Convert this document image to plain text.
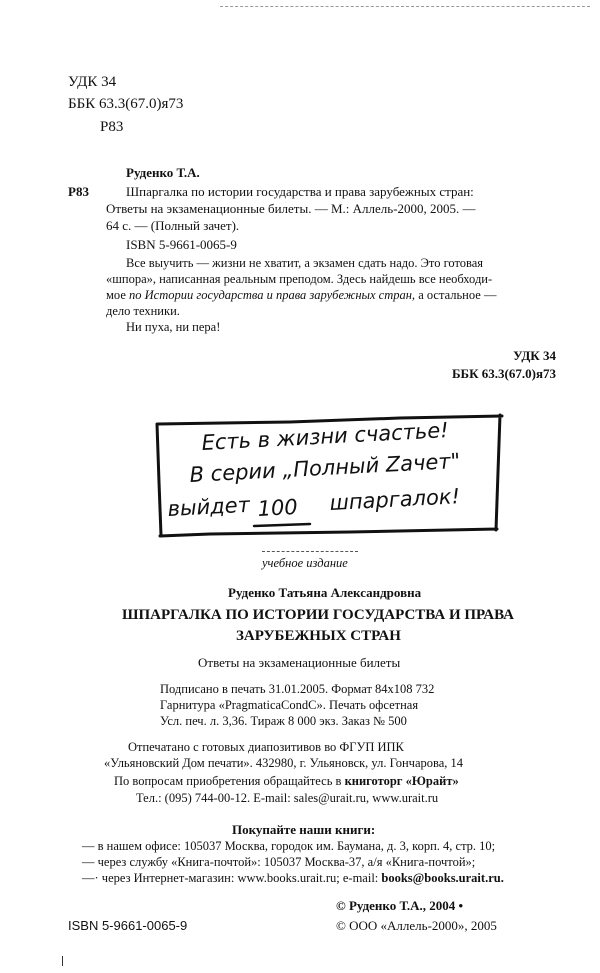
УДК 34
ББК 63.3(67.0)я73
Р83
Руденко Т.А.
Р83	Шпаргалка по истории государства и права зарубежных стран:
Ответы на экзаменационные билеты. — М.: Аллель-2000, 2005. —
64 с. — (Полный зачет).
ISBN 5-9661-0065-9
Все выучить — жизни не хватит, а экзамен сдать надо. Это готовая
«шпора», написанная реальным преподом. Здесь найдешь все необходи-
мое по Истории государства и права зарубежных стран, а остальное —
дело техники.
Ни пуха, ни пера!
УДК 34
ББК 63.3(67.0)я73
Есть в жизни счастье!
В серии „Полный Zачет"
выйдет 100 шпаргалок!
учебное издание
Руденко Татьяна Александровна
ШПАРГАЛКА ПО ИСТОРИИ ГОСУДАРСТВА И ПРАВА
ЗАРУБЕЖНЫХ СТРАН
Ответы на экзаменационные билеты
Подписано в печать 31.01.2005. Формат 84x108 732
Гарнитура «PragmaticaCondC». Печать офсетная
Усл. печ. л. 3,36. Тираж 8 000 экз. Заказ № 500
Отпечатано с готовых диапозитивов во ФГУП ИПК
«Ульяновский Дом печати». 432980, г. Ульяновск, ул. Гончарова, 14
По вопросам приобретения обращайтесь в книготорг «Юрайт»
Тел.: (095) 744-00-12. E-mail: sales@urait.ru, www.urait.ru
Покупайте наши книги:
— в нашем офисе: 105037 Москва, городок им. Баумана, д. 3, корп. 4, стр. 10;
— через службу «Книга-почтой»: 105037 Москва-37, а/я «Книга-почтой»;
—· через Интернет-магазин: www.books.urait.ru; e-mail: books@books.urait.ru.
© Руденко Т.А., 2004 •
ISBN 5-9661-0065-9	© ООО «Аллель-2000», 2005
